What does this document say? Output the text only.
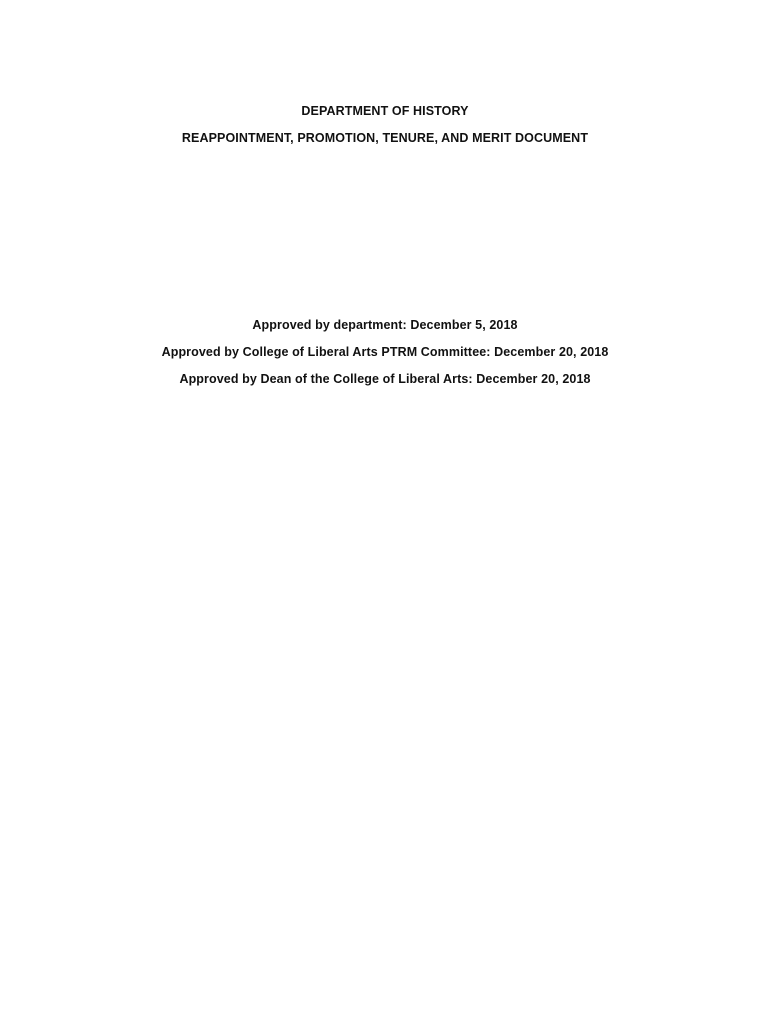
DEPARTMENT OF HISTORY
REAPPOINTMENT, PROMOTION, TENURE, AND MERIT DOCUMENT
Approved by department: December 5, 2018
Approved by College of Liberal Arts PTRM Committee: December 20, 2018
Approved by Dean of the College of Liberal Arts: December 20, 2018
